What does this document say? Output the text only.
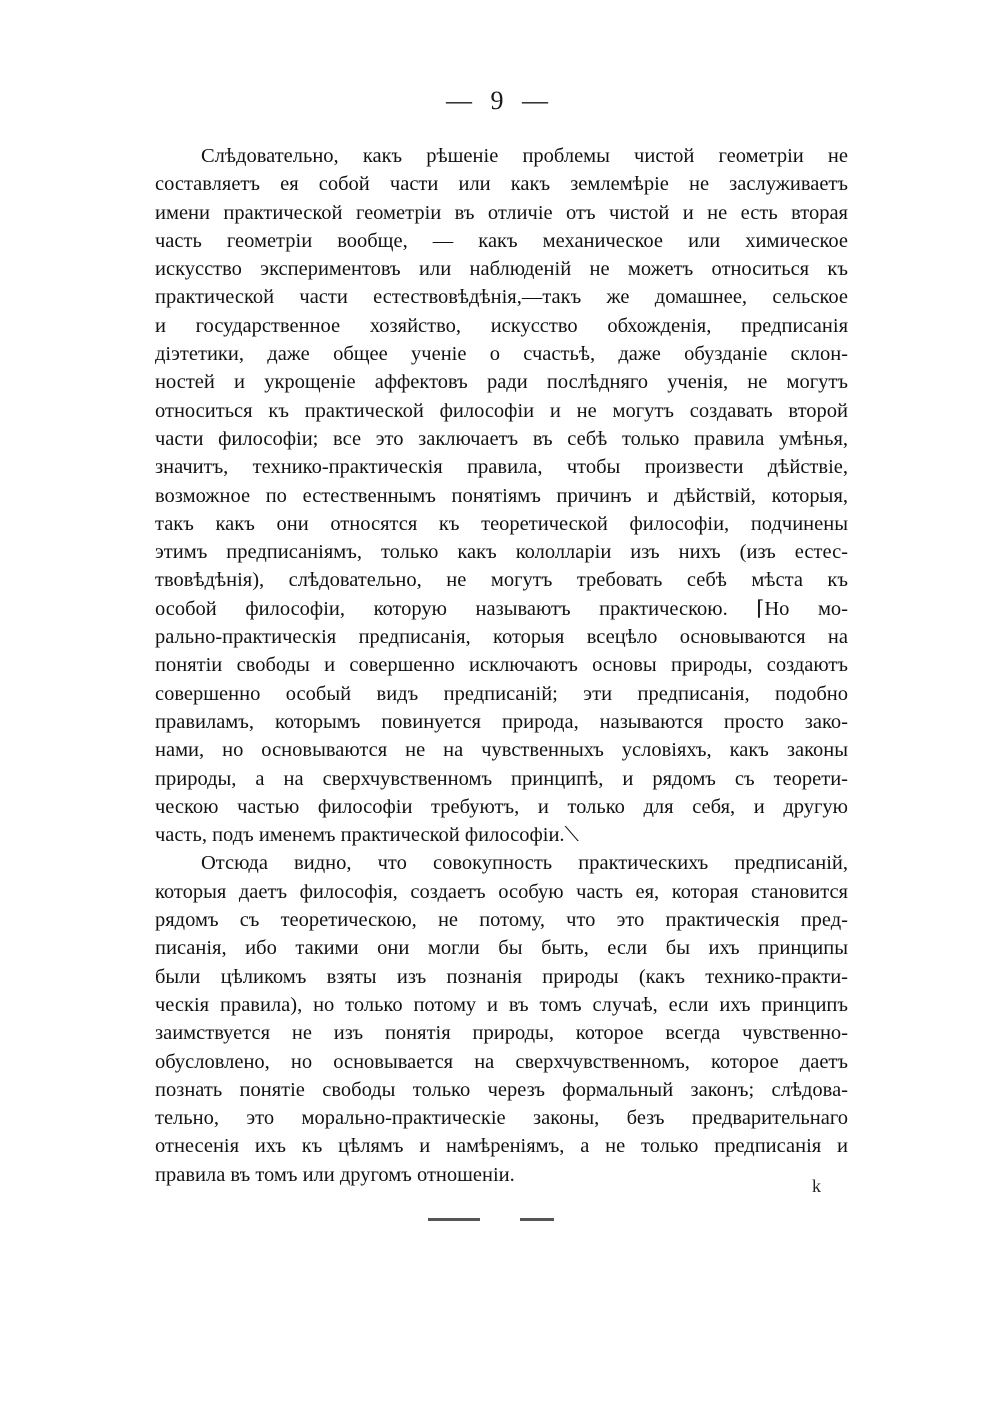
— 9 —
Слѣдовательно, какъ рѣшеніе проблемы чистой геометріи не
составляетъ ея собой части или какъ землемѣріе не заслуживаетъ
имени практической геометріи въ отличіе отъ чистой и не есть вторая
часть геометріи вообще, — какъ механическое или химическое
искусство экспериментовъ или наблюденій не можетъ относиться къ
практической части естествовѣдѣнія,—такъ же домашнее, сельское
и государственное хозяйство, искусство обхожденія, предписанія
діэтетики, даже общее ученіе о счастьѣ, даже обузданіе склон-
ностей и укрощеніе аффектовъ ради послѣдняго ученія, не могутъ
относиться къ практической философіи и не могутъ создавать второй
части философіи; все это заключаетъ въ себѣ только правила умѣнья,
значитъ, технико-практическія правила, чтобы произвести дѣйствіе,
возможное по естественнымъ понятіямъ причинъ и дѣйствій, которыя,
такъ какъ они относятся къ теоретической философіи, подчинены
этимъ предписаніямъ, только какъ кололларіи изъ нихъ (изъ естес-
твовѣдѣнія), слѣдовательно, не могутъ требовать себѣ мѣста къ
особой философіи, которую называютъ практическою. ⌈Но мо-
рально-практическія предписанія, которыя всецѣло основываются на
понятіи свободы и совершенно исключаютъ основы природы, создаютъ
совершенно особый видъ предписаній; эти предписанія, подобно
правиламъ, которымъ повинуется природа, называются просто зако-
нами, но основываются не на чувственныхъ условіяхъ, какъ законы
природы, а на сверхчувственномъ принципѣ, и рядомъ съ теорети-
ческою частью философіи требуютъ, и только для себя, и другую
часть, подъ именемъ практической философіи.⟍
Отсюда видно, что совокупность практическихъ предписаній,
которыя даетъ философія, создаетъ особую часть ея, которая становится
рядомъ съ теоретическою, не потому, что это практическія пред-
писанія, ибо такими они могли бы быть, если бы ихъ принципы
были цѣликомъ взяты изъ познанія природы (какъ технико-практи-
ческія правила), но только потому и въ томъ случаѣ, если ихъ принципъ
заимствуется не изъ понятія природы, которое всегда чувственно-
обусловлено, но основывается на сверхчувственномъ, которое даетъ
познать понятіе свободы только черезъ формальный законъ; слѣдова-
тельно, это морально-практическіе законы, безъ предварительнаго
отнесенія ихъ къ цѣлямъ и намѣреніямъ, а не только предписанія и
правила въ томъ или другомъ отношеніи.
k
